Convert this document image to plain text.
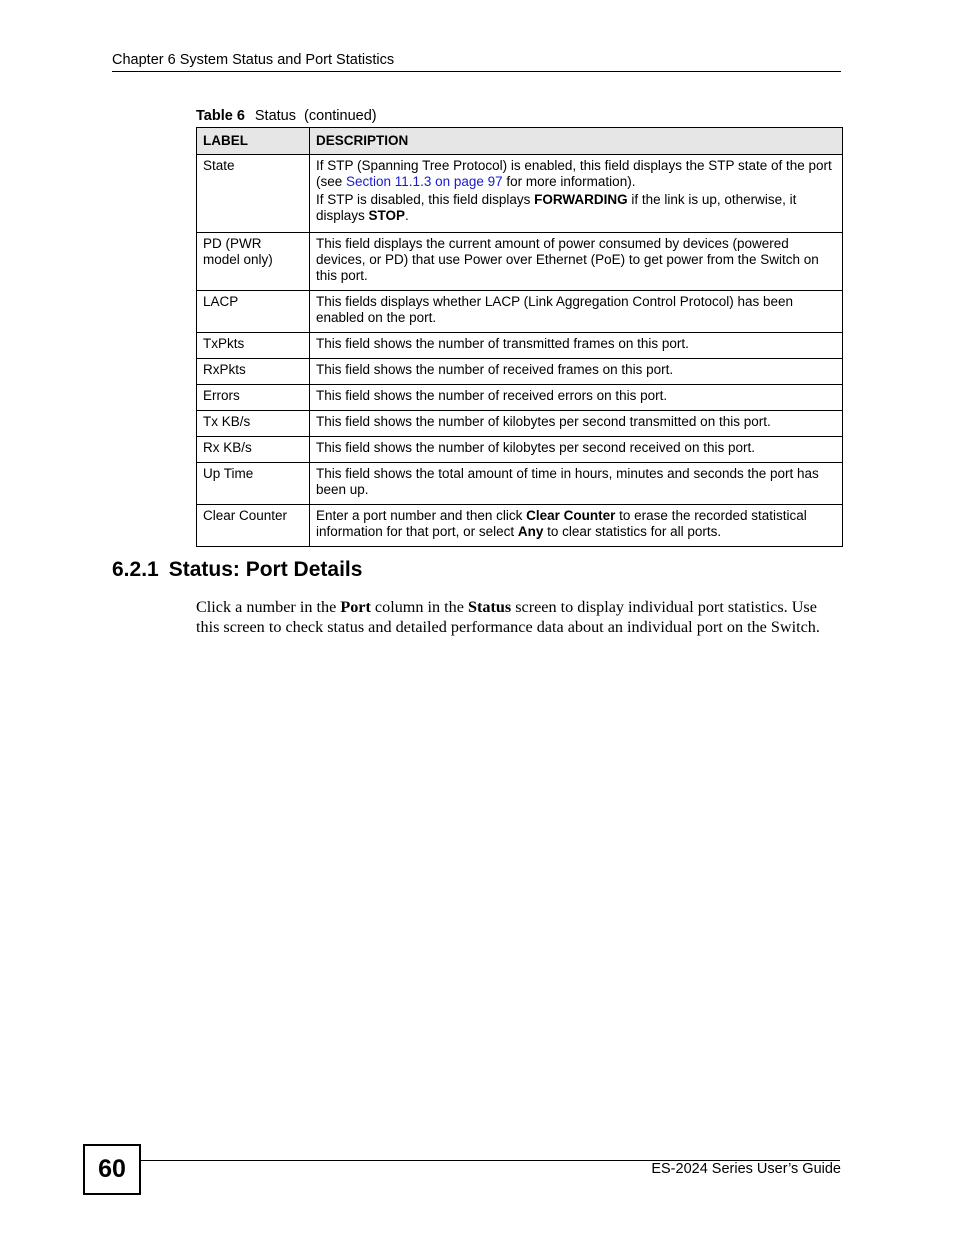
Chapter 6 System Status and Port Statistics
Table 6 Status  (continued)
LABEL	DESCRIPTION
State	If STP (Spanning Tree Protocol) is enabled, this field displays the STP state of the port (see Section 11.1.3 on page 97 for more information).

If STP is disabled, this field displays FORWARDING if the link is up, otherwise, it displays STOP.

PD (PWR model only)	This field displays the current amount of power consumed by devices (powered devices, or PD) that use Power over Ethernet (PoE) to get power from the Switch on this port.
LACP	This fields displays whether LACP (Link Aggregation Control Protocol) has been enabled on the port.
TxPkts	This field shows the number of transmitted frames on this port.
RxPkts	This field shows the number of received frames on this port.
Errors	This field shows the number of received errors on this port.
Tx KB/s	This field shows the number of kilobytes per second transmitted on this port.
Rx KB/s	This field shows the number of kilobytes per second received on this port.
Up Time	This field shows the total amount of time in hours, minutes and seconds the port has been up.
Clear Counter	Enter a port number and then click Clear Counter to erase the recorded statistical information for that port, or select Any to clear statistics for all ports.
6.2.1 Status: Port Details
Click a number in the Port column in the Status screen to display individual port statistics. Use this screen to check status and detailed performance data about an individual port on the Switch.
60	ES-2024 Series User’s Guide
